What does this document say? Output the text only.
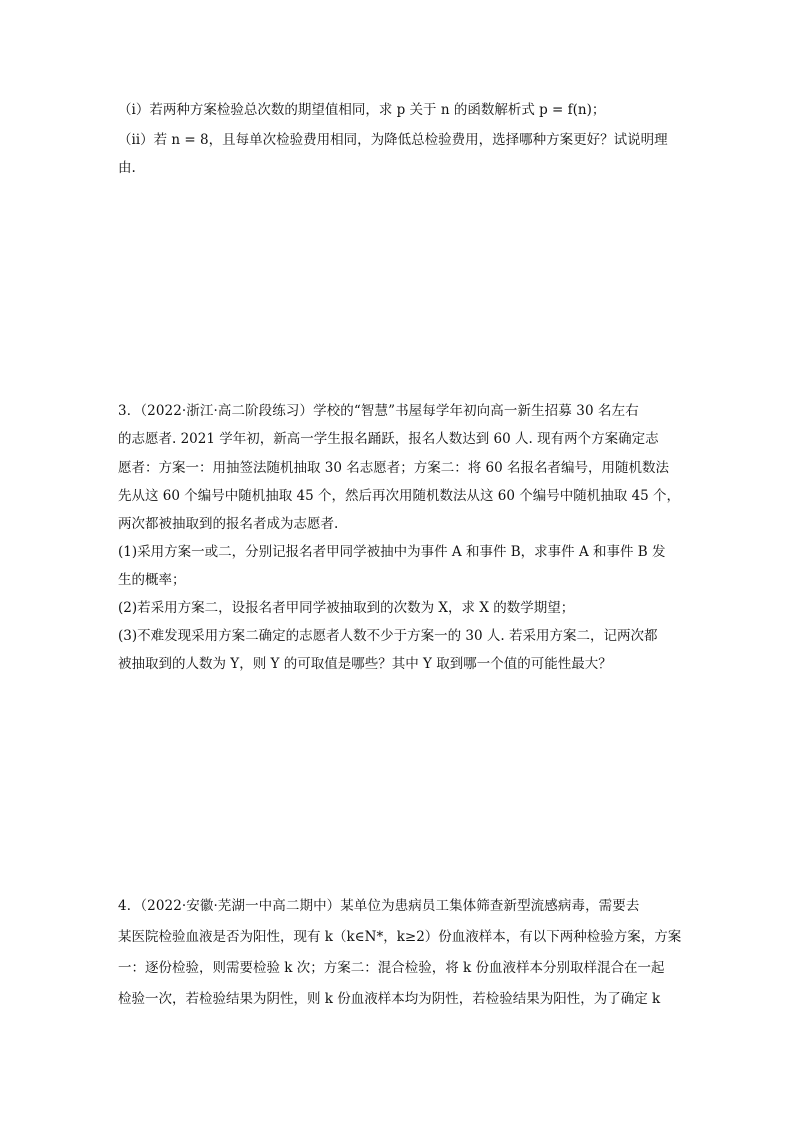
（ⅰ）若两种方案检验总次数的期望值相同，求 p 关于 n 的函数解析式 p = f(n)；
（ⅱ）若 n = 8，且每单次检验费用相同，为降低总检验费用，选择哪种方案更好？试说明理
由.
3．（2022·浙江·高二阶段练习）学校的“智慧”书屋每学年初向高一新生招募 30 名左右
的志愿者. 2021 学年初，新高一学生报名踊跃，报名人数达到 60 人. 现有两个方案确定志
愿者：方案一：用抽签法随机抽取 30 名志愿者；方案二：将 60 名报名者编号，用随机数法
先从这 60 个编号中随机抽取 45 个，然后再次用随机数法从这 60 个编号中随机抽取 45 个，
两次都被抽取到的报名者成为志愿者.
(1)采用方案一或二，分别记报名者甲同学被抽中为事件 A 和事件 B，求事件 A 和事件 B 发
生的概率；
(2)若采用方案二，设报名者甲同学被抽取到的次数为 X，求 X 的数学期望；
(3)不难发现采用方案二确定的志愿者人数不少于方案一的 30 人. 若采用方案二，记两次都
被抽取到的人数为 Y，则 Y 的可取值是哪些？其中 Y 取到哪一个值的可能性最大？
4．（2022·安徽·芜湖一中高二期中）某单位为患病员工集体筛查新型流感病毒，需要去
某医院检验血液是否为阳性，现有 k（k∈N*，k≥2）份血液样本，有以下两种检验方案，方案
一：逐份检验，则需要检验 k 次；方案二：混合检验，将 k 份血液样本分别取样混合在一起
检验一次，若检验结果为阴性，则 k 份血液样本均为阴性，若检验结果为阳性，为了确定 k
